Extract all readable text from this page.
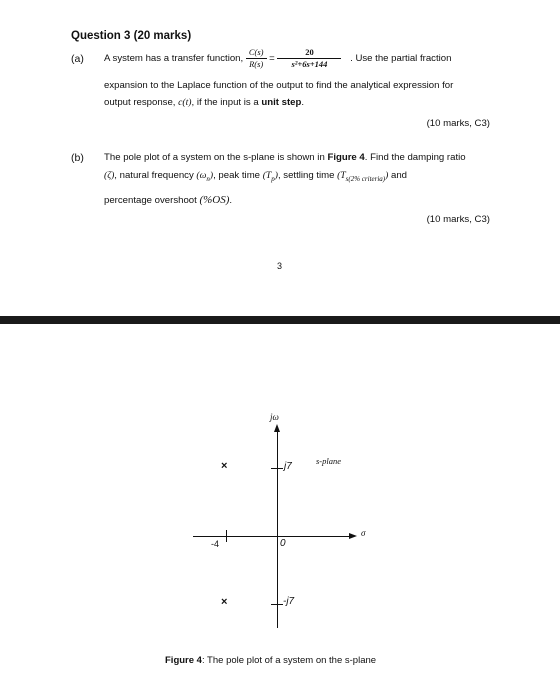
Question 3 (20 marks)
(a) A system has a transfer function, $\frac{C(s)}{R(s)} = \frac{20}{\text{s²+6s+144}}$ . Use the partial fraction
expansion to the Laplace function of the output to find the analytical expression for
output response, c(t), if the input is a unit step.
(10 marks, C3)
(b) The pole plot of a system on the s-plane is shown in Figure 4. Find the damping ratio
(ζ), natural frequency $(\omega_n)$, peak time $(T_p)$, settling time $(T_{s(2\% criteria)})$ and
percentage overshoot (%OS).
(10 marks, C3)
3
jω
s-plane
σ
0
-4
j7
-j7
×
×
Figure 4: The pole plot of a system on the s-plane
